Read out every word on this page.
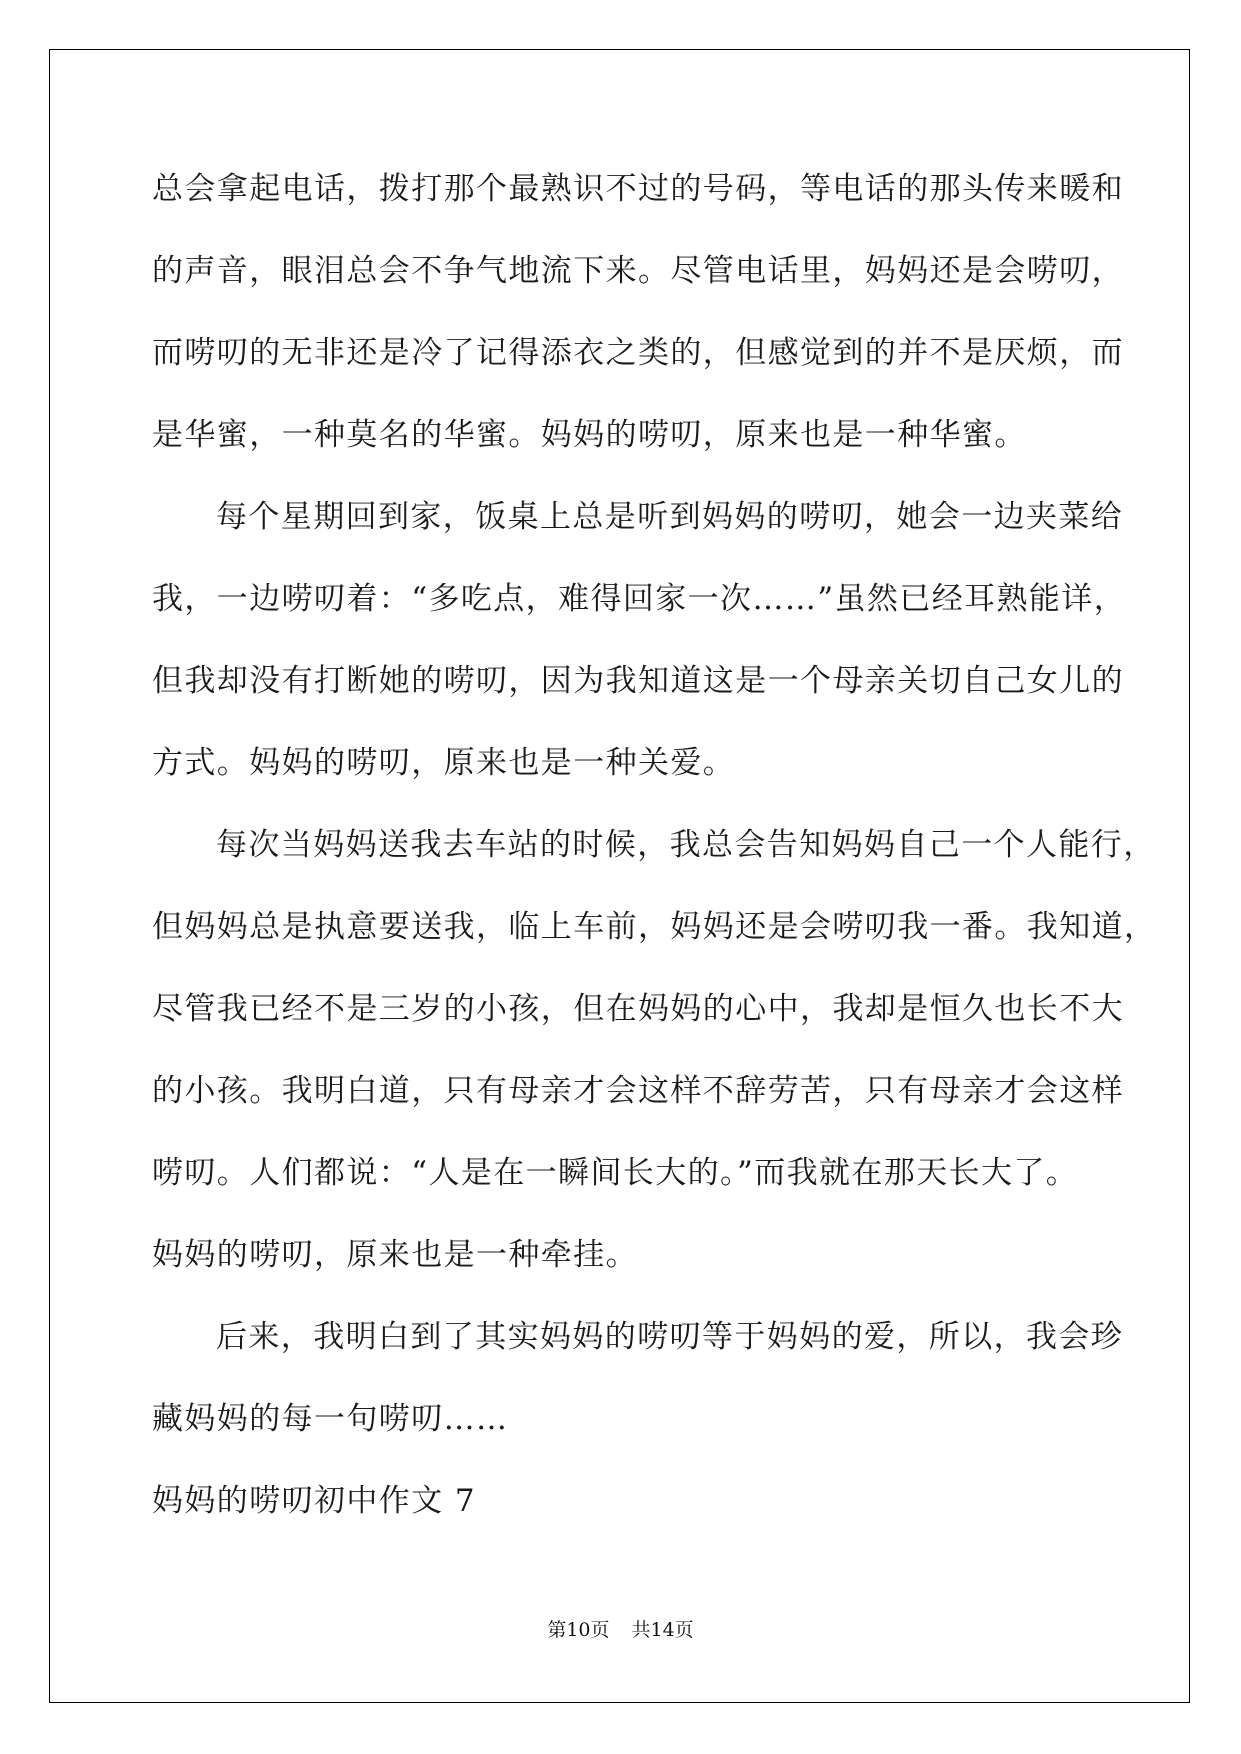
总会拿起电话，拨打那个最熟识不过的号码，等电话的那头传来暖和
的声音，眼泪总会不争气地流下来。尽管电话里，妈妈还是会唠叨，
而唠叨的无非还是冷了记得添衣之类的，但感觉到的并不是厌烦，而
是华蜜，一种莫名的华蜜。妈妈的唠叨，原来也是一种华蜜。
每个星期回到家，饭桌上总是听到妈妈的唠叨，她会一边夹菜给
我，一边唠叨着：“多吃点，难得回家一次……”虽然已经耳熟能详，
但我却没有打断她的唠叨，因为我知道这是一个母亲关切自己女儿的
方式。妈妈的唠叨，原来也是一种关爱。
每次当妈妈送我去车站的时候，我总会告知妈妈自己一个人能行，
但妈妈总是执意要送我，临上车前，妈妈还是会唠叨我一番。我知道，
尽管我已经不是三岁的小孩，但在妈妈的心中，我却是恒久也长不大
的小孩。我明白道，只有母亲才会这样不辞劳苦，只有母亲才会这样
唠叨。人们都说：“人是在一瞬间长大的。”而我就在那天长大了。
妈妈的唠叨，原来也是一种牵挂。
后来，我明白到了其实妈妈的唠叨等于妈妈的爱，所以，我会珍
藏妈妈的每一句唠叨……
妈妈的唠叨初中作文 7
第10页 共14页
